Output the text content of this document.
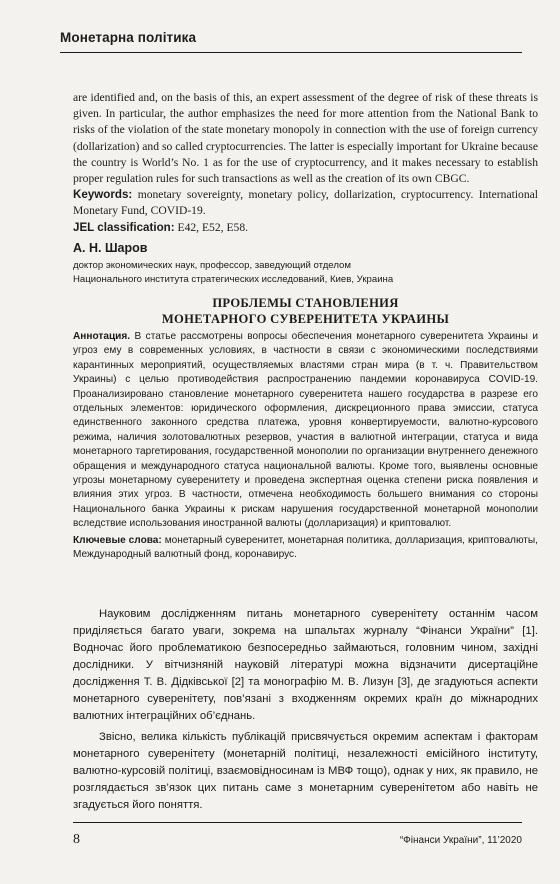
Монетарна політика

are identified and, on the basis of this, an expert assessment of the degree of risk of these threats is given. In particular, the author emphasizes the need for more attention from the National Bank to risks of the violation of the state monetary monopoly in connection with the use of foreign currency (dollarization) and so called cryptocurrencies. The latter is especially important for Ukraine because the country is World’s No. 1 as for the use of cryptocurrency, and it makes necessary to establish proper regulation rules for such transactions as well as the creation of its own CBGC.

Keywords: monetary sovereignty, monetary policy, dollarization, cryptocurrency. International Monetary Fund, COVID-19.

JEL classification: E42, E52, E58.

А. Н. Шаров
доктор экономических наук, профессор, заведующий отделом
Национального института стратегических исследований, Киев, Украина
ПРОБЛЕМЫ СТАНОВЛЕНИЯ
МОНЕТАРНОГО СУВЕРЕНИТЕТА УКРАИНЫ

Аннотация. В статье рассмотрены вопросы обеспечения монетарного суверенитета Украины и угроз ему в современных условиях, в частности в связи с экономическими последствиями карантинных мероприятий, осуществляемых властями стран мира (в т. ч. Правительством Украины) с целью противодействия распространению пандемии коронавируса COVID-19. Проанализировано становление монетарного суверенитета нашего государства в разрезе его отдельных элементов: юридического оформления, дискреционного права эмиссии, статуса единственного законного средства платежа, уровня конвертируемости, валютно-курсового режима, наличия золотовалютных резервов, участия в валютной интеграции, статуса и вида монетарного таргетирования, государственной монополии по организации внутреннего денежного обращения и международного статуса национальной валюты. Кроме того, выявлены основные угрозы монетарному суверенитету и проведена экспертная оценка степени риска появления и влияния этих угроз. В частности, отмечена необходимость большего внимания со стороны Национального банка Украины к рискам нарушения государственной монетарной монополии вследствие использования иностранной валюты (долларизация) и криптовалют.

Ключевые слова: монетарный суверенитет, монетарная политика, долларизация, криптовалюты, Международный валютный фонд, коронавирус.

Науковим дослідженням питань монетарного суверенітету останнім часом приділяється багато уваги, зокрема на шпальтах журналу “Фінанси України” [1]. Водночас його проблематикою безпосередньо займаються, головним чином, західні дослідники. У вітчизняній науковій літературі можна відзначити дисертаційне дослідження Т. В. Дідківської [2] та монографію М. В. Лизун [3], де згадуються аспекти монетарного суверенітету, пов’язані з входженням окремих країн до міжнародних валютних інтеграційних об’єднань.

Звісно, велика кількість публікацій присвячується окремим аспектам і факторам монетарного суверенітету (монетарній політиці, незалежності емісійного інституту, валютно-курсовій політиці, взаємовідносинам із МВФ тощо), однак у них, як правило, не розглядається зв’язок цих питань саме з монетарним суверенітетом або навіть не згадується його поняття.

8	“Фінанси України”, 11’2020
